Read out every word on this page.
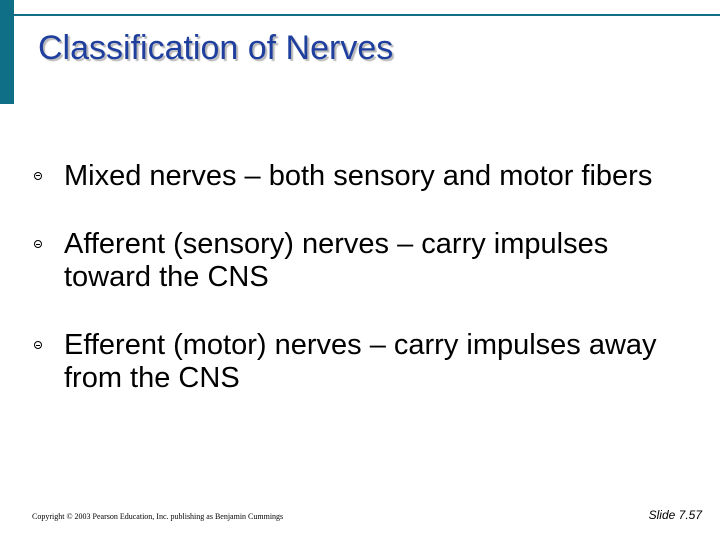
Classification of Nerves
Mixed nerves – both sensory and motor fibers
Afferent (sensory) nerves – carry impulses toward the CNS
Efferent (motor) nerves – carry impulses away from the CNS
Copyright © 2003 Pearson Education, Inc. publishing as Benjamin Cummings	Slide 7.57
